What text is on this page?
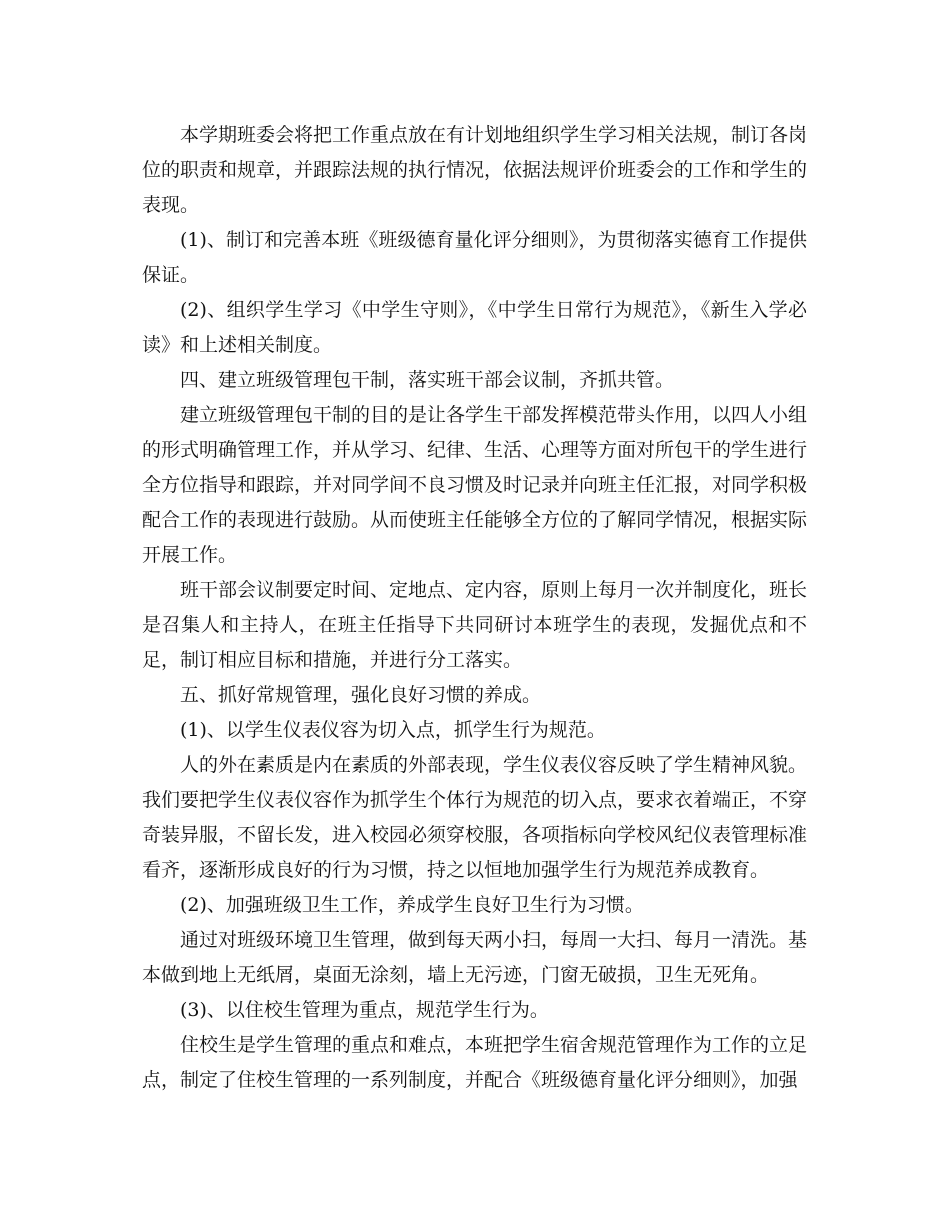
本学期班委会将把工作重点放在有计划地组织学生学习相关法规，制订各岗位的职责和规章，并跟踪法规的执行情况，依据法规评价班委会的工作和学生的表现。

(1)、制订和完善本班《班级德育量化评分细则》，为贯彻落实德育工作提供保证。

(2)、组织学生学习《中学生守则》，《中学生日常行为规范》，《新生入学必读》和上述相关制度。

四、建立班级管理包干制，落实班干部会议制，齐抓共管。

建立班级管理包干制的目的是让各学生干部发挥模范带头作用，以四人小组的形式明确管理工作，并从学习、纪律、生活、心理等方面对所包干的学生进行全方位指导和跟踪，并对同学间不良习惯及时记录并向班主任汇报，对同学积极配合工作的表现进行鼓励。从而使班主任能够全方位的了解同学情况，根据实际开展工作。

班干部会议制要定时间、定地点、定内容，原则上每月一次并制度化，班长是召集人和主持人，在班主任指导下共同研讨本班学生的表现，发掘优点和不足，制订相应目标和措施，并进行分工落实。

五、抓好常规管理，强化良好习惯的养成。

(1)、以学生仪表仪容为切入点，抓学生行为规范。

人的外在素质是内在素质的外部表现，学生仪表仪容反映了学生精神风貌。我们要把学生仪表仪容作为抓学生个体行为规范的切入点，要求衣着端正，不穿奇装异服，不留长发，进入校园必须穿校服，各项指标向学校风纪仪表管理标准看齐，逐渐形成良好的行为习惯，持之以恒地加强学生行为规范养成教育。

(2)、加强班级卫生工作，养成学生良好卫生行为习惯。

通过对班级环境卫生管理，做到每天两小扫，每周一大扫、每月一清洗。基本做到地上无纸屑，桌面无涂刻，墙上无污迹，门窗无破损，卫生无死角。

(3)、以住校生管理为重点，规范学生行为。

住校生是学生管理的重点和难点，本班把学生宿舍规范管理作为工作的立足点，制定了住校生管理的一系列制度，并配合《班级德育量化评分细则》，加强
